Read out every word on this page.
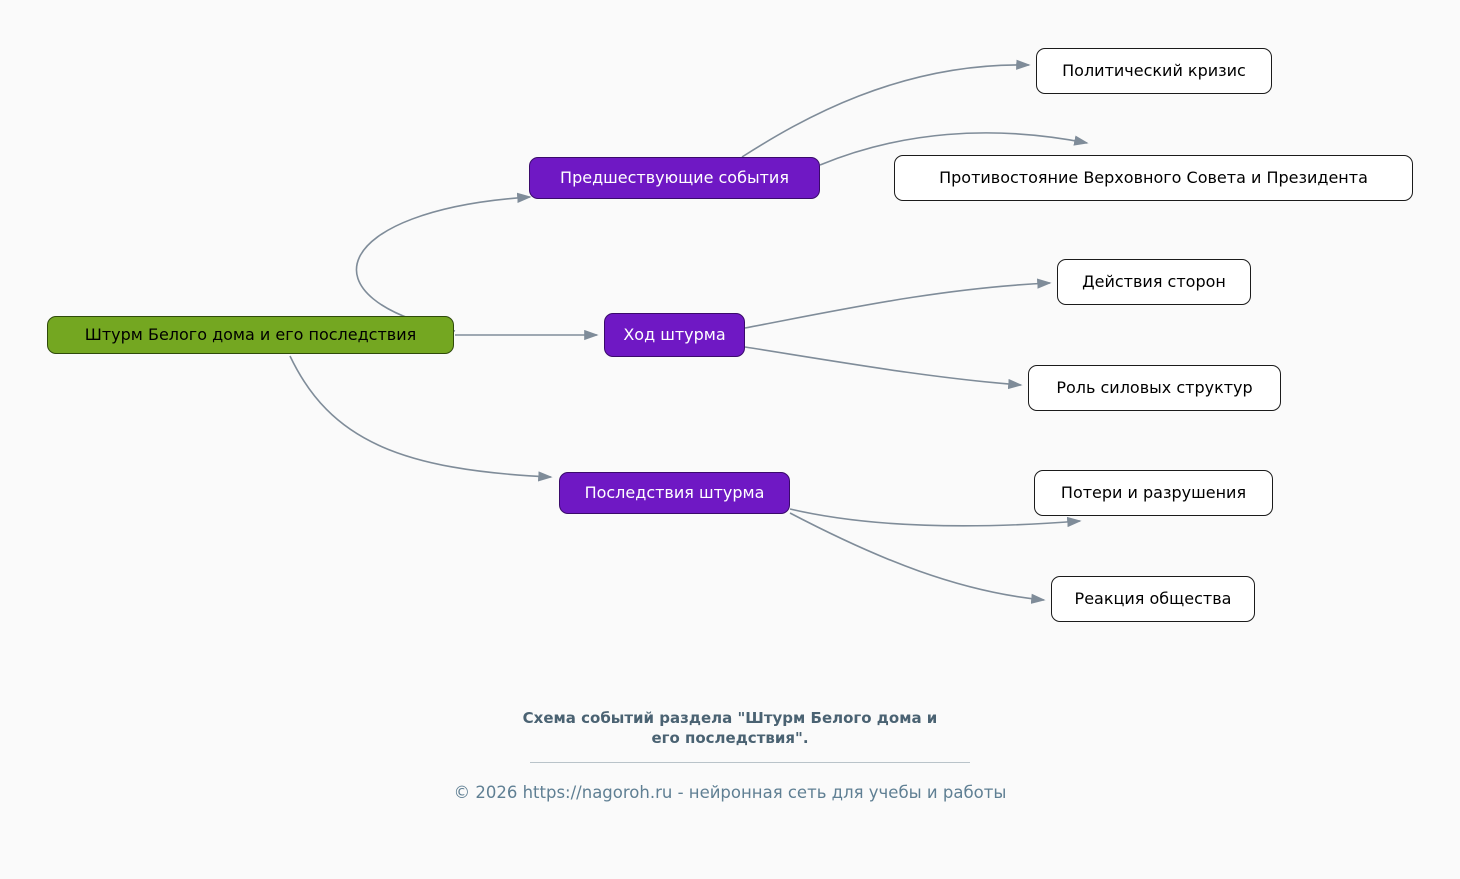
Штурм Белого дома и его последствия
Предшествующие события
Ход штурма
Последствия штурма
Политический кризис
Противостояние Верховного Совета и Президента
Действия сторон
Роль силовых структур
Потери и разрушения
Реакция общества
Схема событий раздела "Штурм Белого дома и
его последствия".
© 2026 https://nagoroh.ru - нейронная сеть для учебы и работы
